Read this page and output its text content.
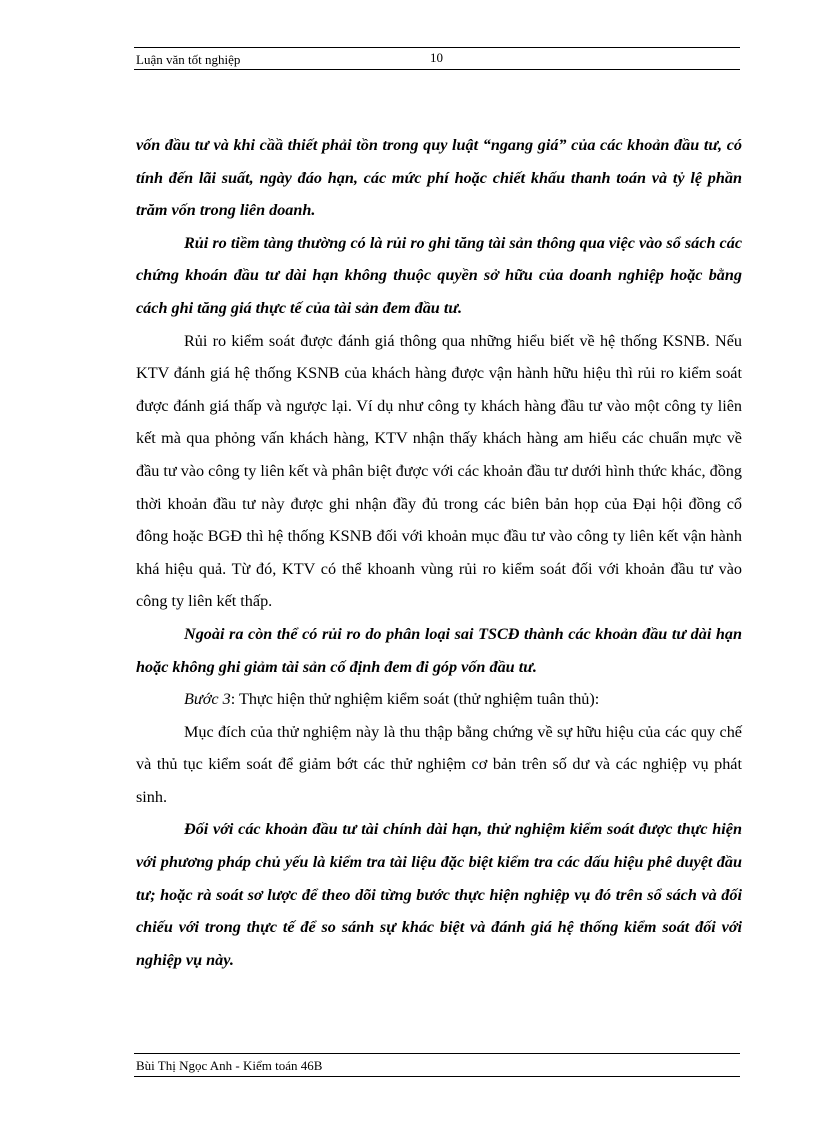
Luận văn tốt nghiệp	10

vốn đầu tư và khi cầầ thiết phải tồn trong quy luật “ngang giá” của các khoản đầu tư, có tính đến lãi suất, ngày đáo hạn, các mức phí hoặc chiết khấu thanh toán và tỷ lệ phần trăm vốn trong liên doanh.

Rủi ro tiềm tàng thường có là rủi ro ghi tăng tài sản thông qua việc vào sổ sách các chứng khoán đầu tư dài hạn không thuộc quyền sở hữu của doanh nghiệp hoặc bằng cách ghi tăng giá thực tế của tài sản đem đầu tư.

Rủi ro kiểm soát được đánh giá thông qua những hiểu biết về hệ thống KSNB. Nếu KTV đánh giá hệ thống KSNB của khách hàng được vận hành hữu hiệu thì rủi ro kiểm soát được đánh giá thấp và ngược lại. Ví dụ như công ty khách hàng đầu tư vào một công ty liên kết mà qua phỏng vấn khách hàng, KTV nhận thấy khách hàng am hiểu các chuẩn mực về đầu tư vào công ty liên kết và phân biệt được với các khoản đầu tư dưới hình thức khác, đồng thời khoản đầu tư này được ghi nhận đầy đủ trong các biên bản họp của Đại hội đồng cổ đông hoặc BGĐ thì hệ thống KSNB đối với khoản mục đầu tư vào công ty liên kết vận hành khá hiệu quả. Từ đó, KTV có thể khoanh vùng rủi ro kiểm soát đối với khoản đầu tư vào công ty liên kết thấp.

Ngoài ra còn thể có rủi ro do phân loại sai TSCĐ thành các khoản đầu tư dài hạn hoặc không ghi giảm tài sản cố định đem đi góp vốn đầu tư.

Bước 3: Thực hiện thử nghiệm kiểm soát (thử nghiệm tuân thủ):

Mục đích của thử nghiệm này là thu thập bằng chứng về sự hữu hiệu của các quy chế và thủ tục kiểm soát để giảm bớt các thử nghiệm cơ bản trên số dư và các nghiệp vụ phát sinh.

Đối với các khoản đầu tư tài chính dài hạn, thử nghiệm kiểm soát được thực hiện với phương pháp chủ yếu là kiểm tra tài liệu đặc biệt kiểm tra các dấu hiệu phê duyệt đầu tư; hoặc rà soát sơ lược để theo dõi từng bước thực hiện nghiệp vụ đó trên sổ sách và đối chiếu với trong thực tế để so sánh sự khác biệt và đánh giá hệ thống kiểm soát đối với nghiệp vụ này.

Bùi Thị Ngọc Anh - Kiểm toán 46B
